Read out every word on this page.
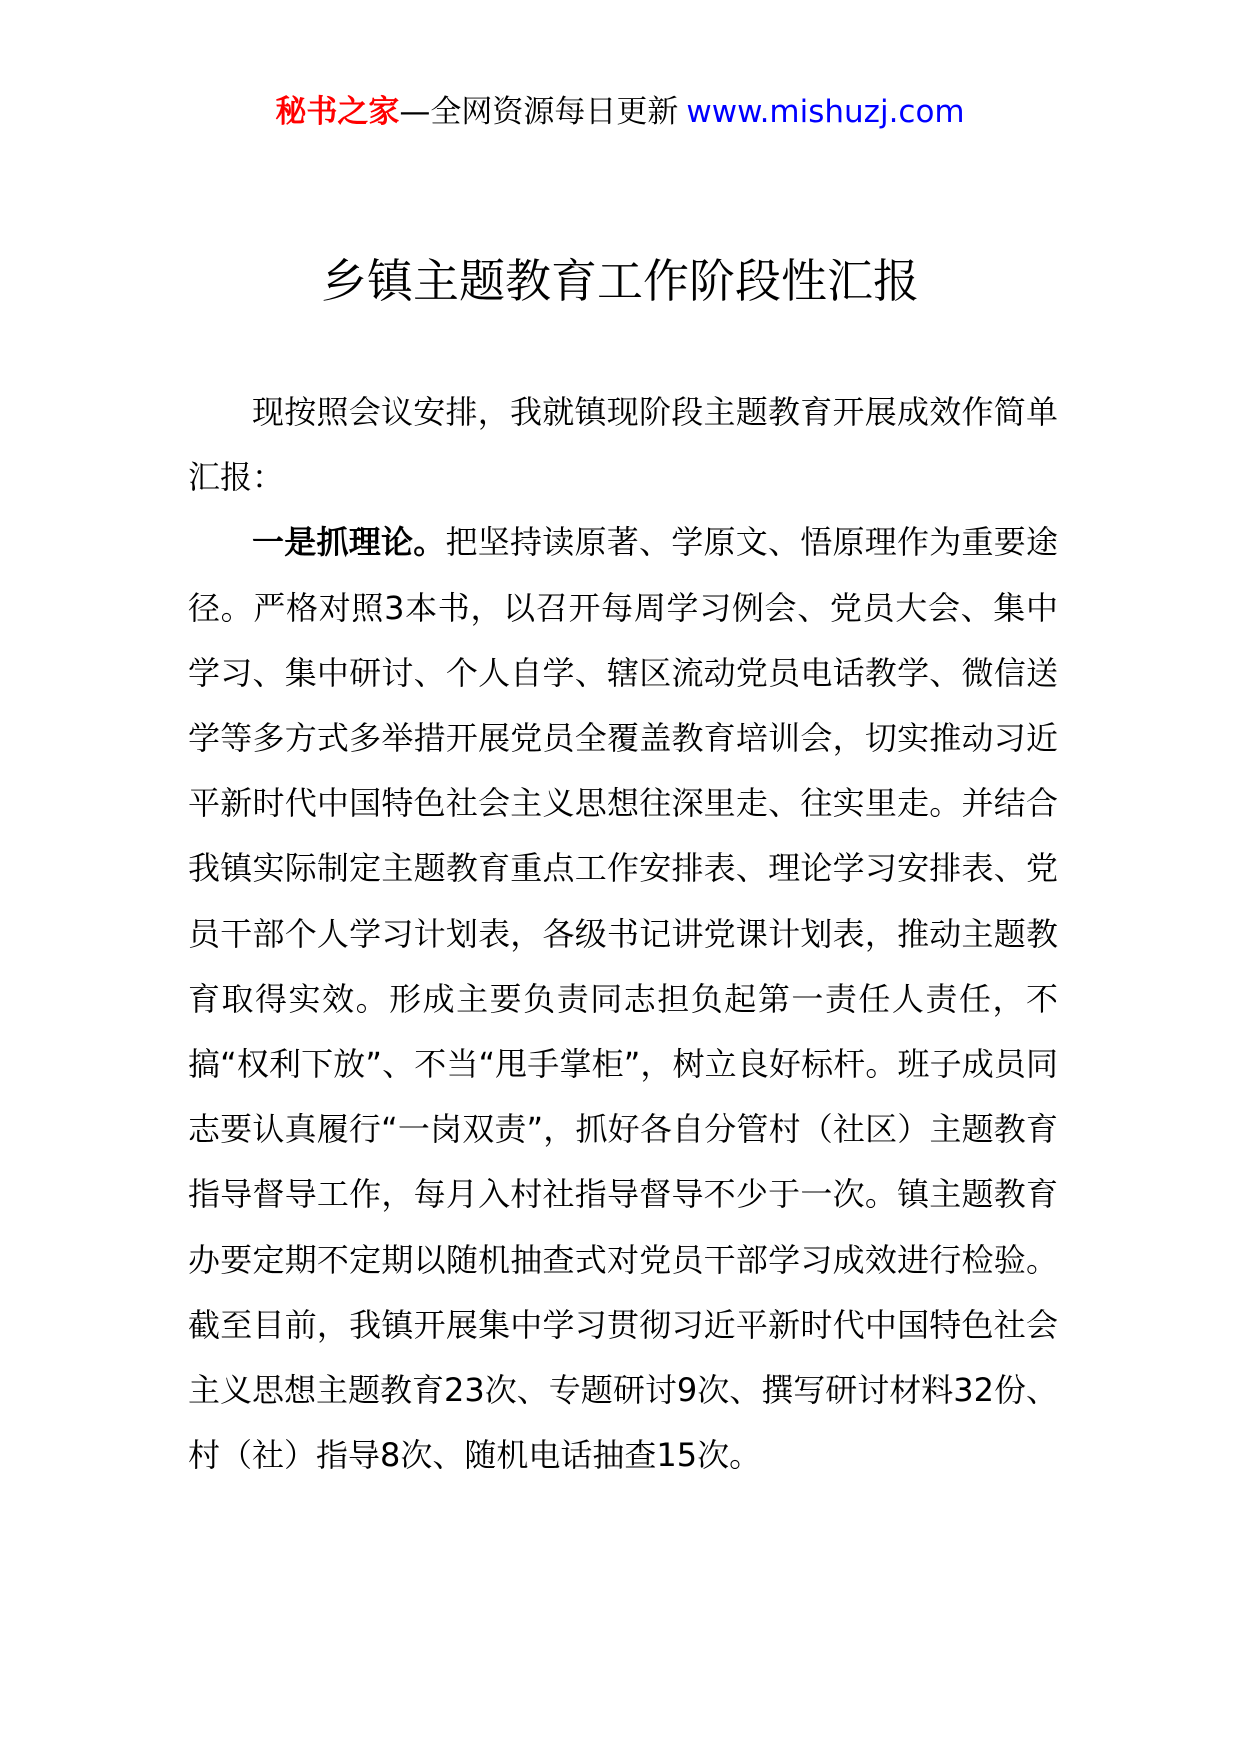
秘书之家—全网资源每日更新 www.mishuzj.com
乡镇主题教育工作阶段性汇报

现按照会议安排，我就镇现阶段主题教育开展成效作简单汇报：

一是抓理论。把坚持读原著、学原文、悟原理作为重要途径。严格对照3本书，以召开每周学习例会、党员大会、集中学习、集中研讨、个人自学、辖区流动党员电话教学、微信送学等多方式多举措开展党员全覆盖教育培训会，切实推动习近平新时代中国特色社会主义思想往深里走、往实里走。并结合我镇实际制定主题教育重点工作安排表、理论学习安排表、党员干部个人学习计划表，各级书记讲党课计划表，推动主题教育取得实效。形成主要负责同志担负起第一责任人责任，不搞“权利下放”、不当“甩手掌柜”，树立良好标杆。班子成员同志要认真履行“一岗双责”，抓好各自分管村（社区）主题教育指导督导工作，每月入村社指导督导不少于一次。镇主题教育办要定期不定期以随机抽查式对党员干部学习成效进行检验。截至目前，我镇开展集中学习贯彻习近平新时代中国特色社会主义思想主题教育23次、专题研讨9次、撰写研讨材料32份、村（社）指导8次、随机电话抽查15次。
